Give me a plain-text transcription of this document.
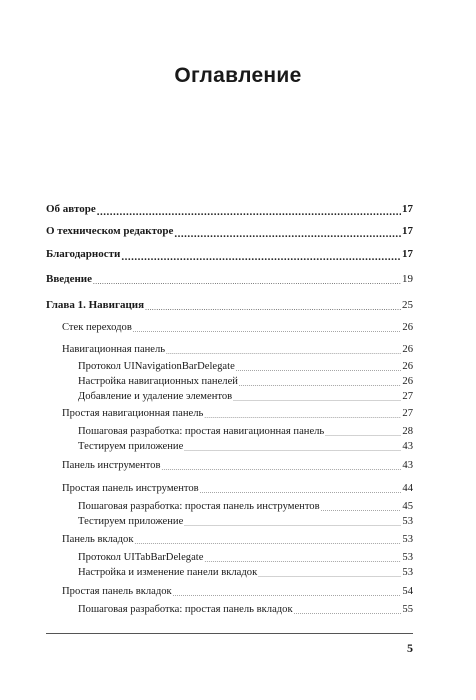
Оглавление
Об авторе .....	17
О техническом редакторе .....	17
Благодарности .....	17
Введение .....	19
Глава 1. Навигация .....	25
Стек переходов .....	26
Навигационная панель .....	26
Протокол UINavigationBarDelegate .....	26
Настройка навигационных панелей .....	26
Добавление и удаление элементов .....	27
Простая навигационная панель .....	27
Пошаговая разработка: простая навигационная панель .....	28
Тестируем приложение .....	43
Панель инструментов .....	43
Простая панель инструментов .....	44
Пошаговая разработка: простая панель инструментов .....	45
Тестируем приложение .....	53
Панель вкладок .....	53
Протокол UITabBarDelegate .....	53
Настройка и изменение панели вкладок .....	53
Простая панель вкладок .....	54
Пошаговая разработка: простая панель вкладок .....	55
5
